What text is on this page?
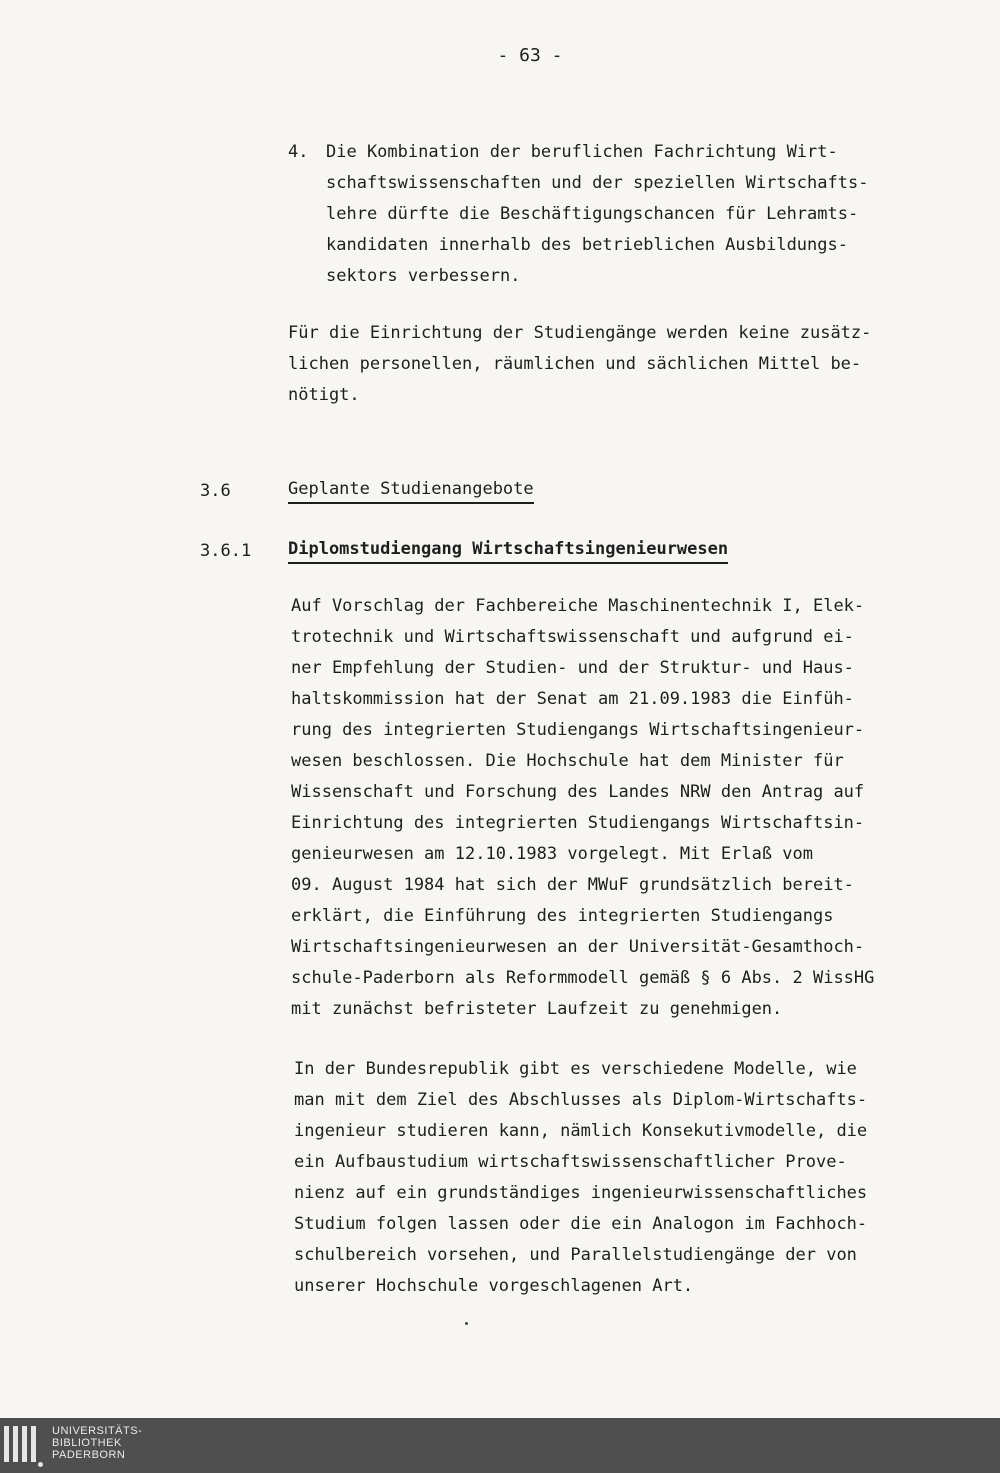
- 63 -
4. Die Kombination der beruflichen Fachrichtung Wirt-
schaftswissenschaften und der speziellen Wirtschafts-
lehre dürfte die Beschäftigungschancen für Lehramts-
kandidaten innerhalb des betrieblichen Ausbildungs-
sektors verbessern.
Für die Einrichtung der Studiengänge werden keine zusätz-
lichen personellen, räumlichen und sächlichen Mittel be-
nötigt.
3.6	Geplante Studienangebote
3.6.1 Diplomstudiengang Wirtschaftsingenieurwesen
Auf Vorschlag der Fachbereiche Maschinentechnik I, Elek-
trotechnik und Wirtschaftswissenschaft und aufgrund ei-
ner Empfehlung der Studien- und der Struktur- und Haus-
haltskommission hat der Senat am 21.09.1983 die Einfüh-
rung des integrierten Studiengangs Wirtschaftsingenieur-
wesen beschlossen. Die Hochschule hat dem Minister für
Wissenschaft und Forschung des Landes NRW den Antrag auf
Einrichtung des integrierten Studiengangs Wirtschaftsin-
genieurwesen am 12.10.1983 vorgelegt. Mit Erlaß vom
09. August 1984 hat sich der MWuF grundsätzlich bereit-
erklärt, die Einführung des integrierten Studiengangs
Wirtschaftsingenieurwesen an der Universität-Gesamthoch-
schule-Paderborn als Reformmodell gemäß § 6 Abs. 2 WissHG
mit zunächst befristeter Laufzeit zu genehmigen.
In der Bundesrepublik gibt es verschiedene Modelle, wie
man mit dem Ziel des Abschlusses als Diplom-Wirtschafts-
ingenieur studieren kann, nämlich Konsekutivmodelle, die
ein Aufbaustudium wirtschaftswissenschaftlicher Prove-
nienz auf ein grundständiges ingenieurwissenschaftliches
Studium folgen lassen oder die ein Analogon im Fachhoch-
schulbereich vorsehen, und Parallelstudiengänge der von
unserer Hochschule vorgeschlagenen Art.
UNIVERSITÄTS-
BIBLIOTHEK
PADERBORN
